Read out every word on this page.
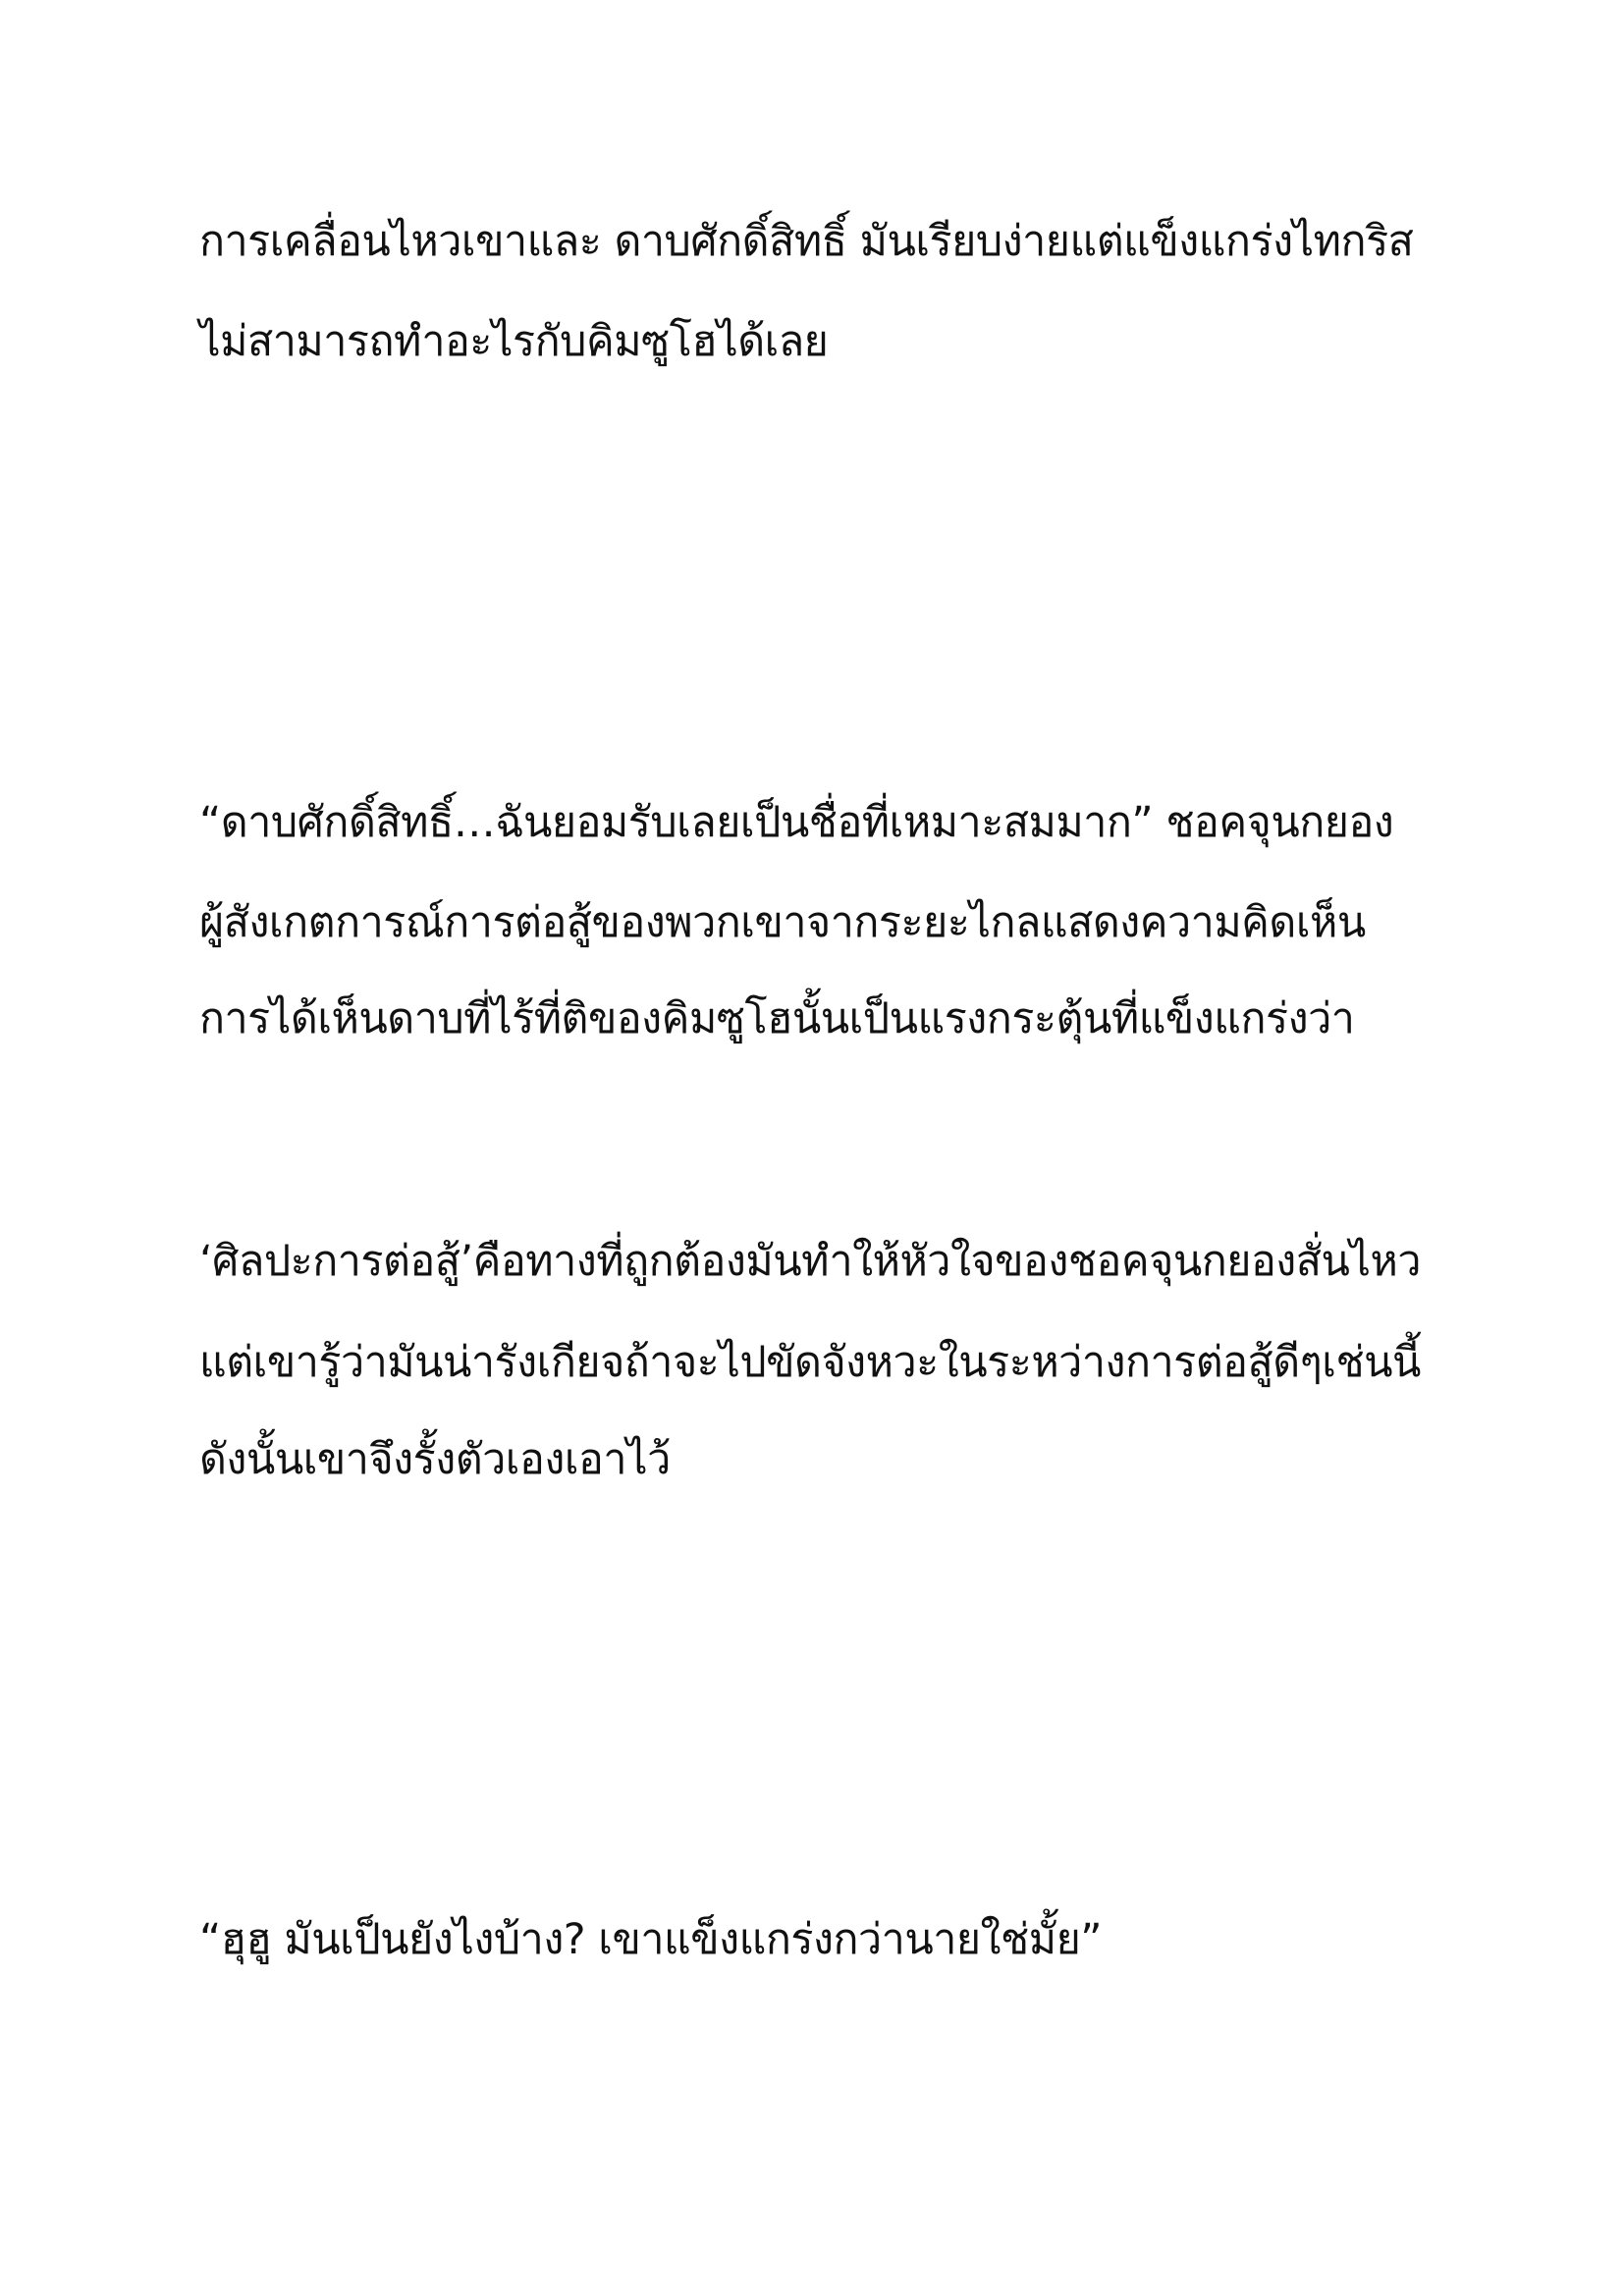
การเคลื่อนไหวเขาและ ดาบศักดิ์สิทธิ์ มันเรียบง่ายแต่แข็งแกร่งไทกริส
ไม่สามารถทำอะไรกับคิมซูโฮได้เลย
“ดาบศักดิ์สิทธิ์…ฉันยอมรับเลยเป็นชื่อที่เหมาะสมมาก” ชอคจุนกยอง
ผู้สังเกตการณ์การต่อสู้ของพวกเขาจากระยะไกลแสดงความคิดเห็น
การได้เห็นดาบที่ไร้ที่ติของคิมซูโฮนั้นเป็นแรงกระตุ้นที่แข็งแกร่งว่า
‘ศิลปะการต่อสู้’คือทางที่ถูกต้องมันทำให้หัวใจของชอคจุนกยองสั่นไหว
แต่เขารู้ว่ามันน่ารังเกียจถ้าจะไปขัดจังหวะในระหว่างการต่อสู้ดีๆเช่นนี้
ดังนั้นเขาจึงรั้งตัวเองเอาไว้
“ฮุฮู มันเป็นยังไงบ้าง? เขาแข็งแกร่งกว่านายใช่มั้ย”
